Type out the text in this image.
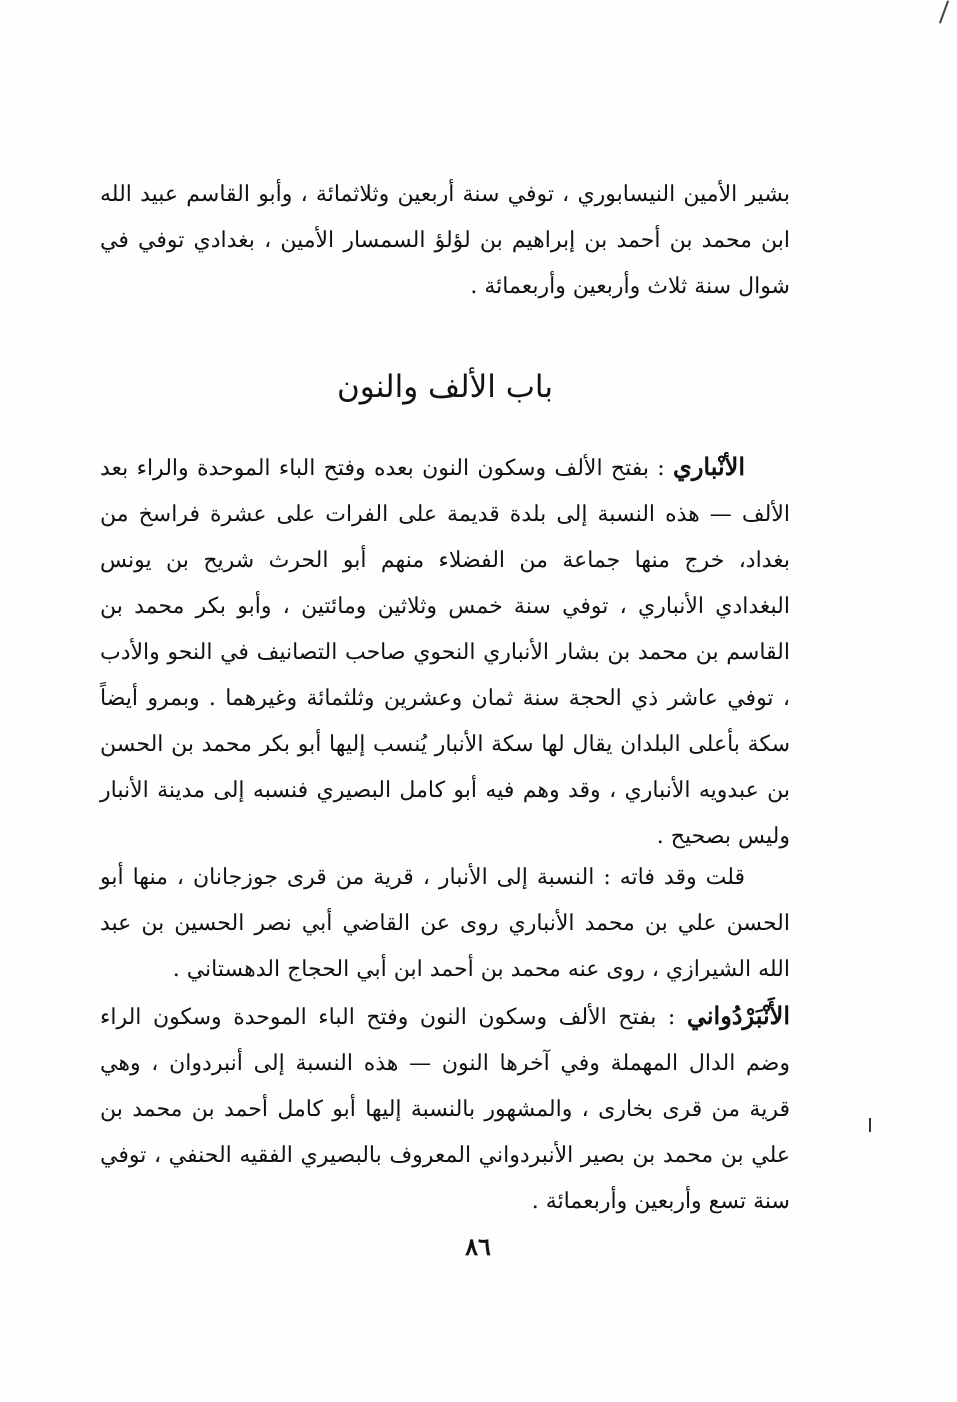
بشير الأمين النيسابوري ، توفي سنة أربعين وثلاثمائة ، وأبو القاسم عبيد الله ابن محمد بن أحمد بن إبراهيم بن لؤلؤ السمسار الأمين ، بغدادي توفي في شوال سنة ثلاث وأربعين وأربعمائة .

باب الألف والنون

الأنْباري : بفتح الألف وسكون النون بعده وفتح الباء الموحدة والراء بعد الألف — هذه النسبة إلى بلدة قديمة على الفرات على عشرة فراسخ من بغداد، خرج منها جماعة من الفضلاء منهم أبو الحرث شريح بن يونس البغدادي الأنباري ، توفي سنة خمس وثلاثين ومائتين ، وأبو بكر محمد بن القاسم بن محمد بن بشار الأنباري النحوي صاحب التصانيف في النحو والأدب ، توفي عاشر ذي الحجة سنة ثمان وعشرين وثلثمائة وغيرهما . وبمرو أيضاً سكة بأعلى البلدان يقال لها سكة الأنبار يُنسب إليها أبو بكر محمد بن الحسن بن عبدويه الأنباري ، وقد وهم فيه أبو كامل البصيري فنسبه إلى مدينة الأنبار وليس بصحيح .

قلت وقد فاته : النسبة إلى الأنبار ، قرية من قرى جوزجانان ، منها أبو الحسن علي بن محمد الأنباري روى عن القاضي أبي نصر الحسين بن عبد الله الشيرازي ، روى عنه محمد بن أحمد ابن أبي الحجاج الدهستاني .

الأَنْبَرْدُواني : بفتح الألف وسكون النون وفتح الباء الموحدة وسكون الراء وضم الدال المهملة وفي آخرها النون — هذه النسبة إلى أنبردوان ، وهي قرية من قرى بخارى ، والمشهور بالنسبة إليها أبو كامل أحمد بن محمد بن علي بن محمد بن بصير الأنبردواني المعروف بالبصيري الفقيه الحنفي ، توفي سنة تسع وأربعين وأربعمائة .

٨٦
